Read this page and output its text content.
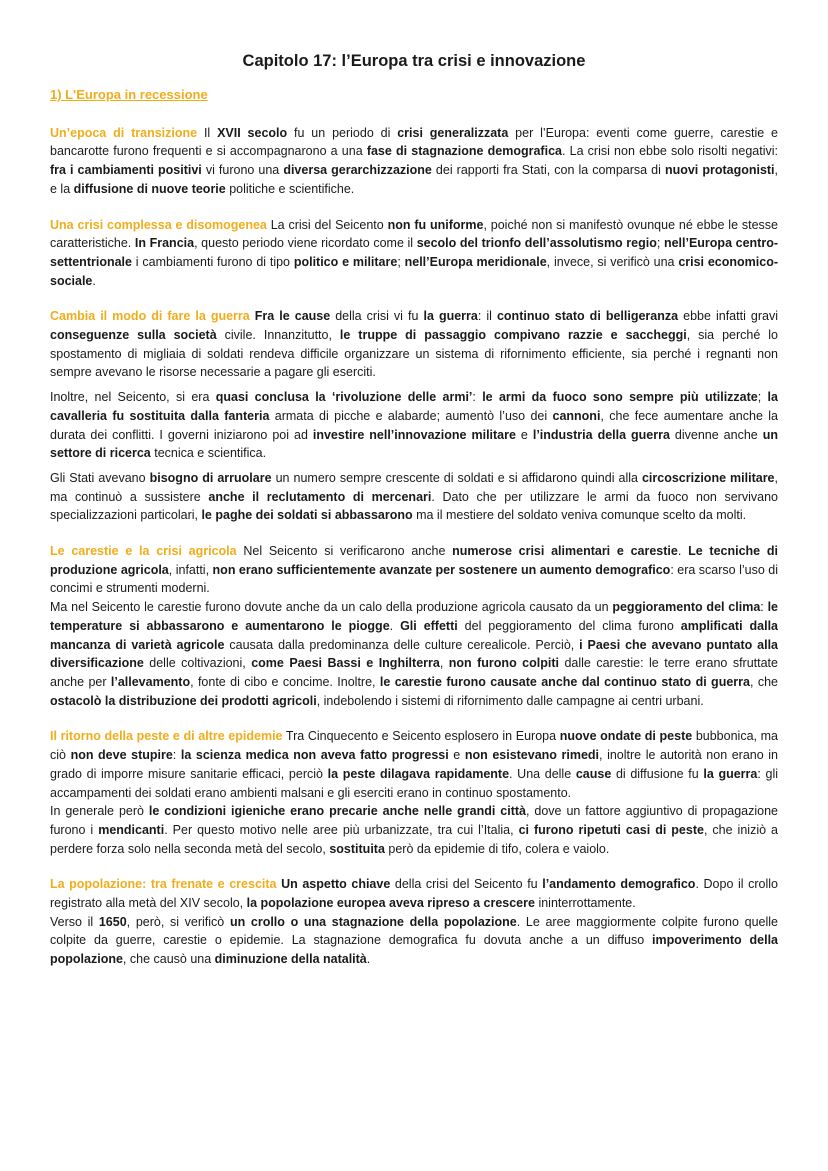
Capitolo 17: l’Europa tra crisi e innovazione
1) L'Europa in recessione

Un’epoca di transizione Il XVII secolo fu un periodo di crisi generalizzata per l’Europa: eventi come guerre, carestie e bancarotte furono frequenti e si accompagnarono a una fase di stagnazione demografica. La crisi non ebbe solo risolti negativi: fra i cambiamenti positivi vi furono una diversa gerarchizzazione dei rapporti fra Stati, con la comparsa di nuovi protagonisti, e la diffusione di nuove teorie politiche e scientifiche.

Una crisi complessa e disomogenea La crisi del Seicento non fu uniforme, poiché non si manifestò ovunque né ebbe le stesse caratteristiche. In Francia, questo periodo viene ricordato come il secolo del trionfo dell’assolutismo regio; nell’Europa centro-settentrionale i cambiamenti furono di tipo politico e militare; nell’Europa meridionale, invece, si verificò una crisi economico-sociale.

Cambia il modo di fare la guerra Fra le cause della crisi vi fu la guerra: il continuo stato di belligeranza ebbe infatti gravi conseguenze sulla società civile. Innanzitutto, le truppe di passaggio compivano razzie e saccheggi, sia perché lo spostamento di migliaia di soldati rendeva difficile organizzare un sistema di rifornimento efficiente, sia perché i regnanti non sempre avevano le risorse necessarie a pagare gli eserciti.

Inoltre, nel Seicento, si era quasi conclusa la ‘rivoluzione delle armi’: le armi da fuoco sono sempre più utilizzate; la cavalleria fu sostituita dalla fanteria armata di picche e alabarde; aumentò l’uso dei cannoni, che fece aumentare anche la durata dei conflitti. I governi iniziarono poi ad investire nell’innovazione militare e l’industria della guerra divenne anche un settore di ricerca tecnica e scientifica.

Gli Stati avevano bisogno di arruolare un numero sempre crescente di soldati e si affidarono quindi alla circoscrizione militare, ma continuò a sussistere anche il reclutamento di mercenari. Dato che per utilizzare le armi da fuoco non servivano specializzazioni particolari, le paghe dei soldati si abbassarono ma il mestiere del soldato veniva comunque scelto da molti.

Le carestie e la crisi agricola Nel Seicento si verificarono anche numerose crisi alimentari e carestie. Le tecniche di produzione agricola, infatti, non erano sufficientemente avanzate per sostenere un aumento demografico: era scarso l’uso di concimi e strumenti moderni.

Ma nel Seicento le carestie furono dovute anche da un calo della produzione agricola causato da un peggioramento del clima: le temperature si abbassarono e aumentarono le piogge. Gli effetti del peggioramento del clima furono amplificati dalla mancanza di varietà agricole causata dalla predominanza delle culture cerealicole. Perciò, i Paesi che avevano puntato alla diversificazione delle coltivazioni, come Paesi Bassi e Inghilterra, non furono colpiti dalle carestie: le terre erano sfruttate anche per l’allevamento, fonte di cibo e concime. Inoltre, le carestie furono causate anche dal continuo stato di guerra, che ostacolò la distribuzione dei prodotti agricoli, indebolendo i sistemi di rifornimento dalle campagne ai centri urbani.

Il ritorno della peste e di altre epidemie Tra Cinquecento e Seicento esplosero in Europa nuove ondate di peste bubbonica, ma ciò non deve stupire: la scienza medica non aveva fatto progressi e non esistevano rimedi, inoltre le autorità non erano in grado di imporre misure sanitarie efficaci, perciò la peste dilagava rapidamente. Una delle cause di diffusione fu la guerra: gli accampamenti dei soldati erano ambienti malsani e gli eserciti erano in continuo spostamento.

In generale però le condizioni igieniche erano precarie anche nelle grandi città, dove un fattore aggiuntivo di propagazione furono i mendicanti. Per questo motivo nelle aree più urbanizzate, tra cui l’Italia, ci furono ripetuti casi di peste, che iniziò a perdere forza solo nella seconda metà del secolo, sostituita però da epidemie di tifo, colera e vaiolo.

La popolazione: tra frenate e crescita Un aspetto chiave della crisi del Seicento fu l’andamento demografico. Dopo il crollo registrato alla metà del XIV secolo, la popolazione europea aveva ripreso a crescere ininterrottamente.

Verso il 1650, però, si verificò un crollo o una stagnazione della popolazione. Le aree maggiormente colpite furono quelle colpite da guerre, carestie o epidemie. La stagnazione demografica fu dovuta anche a un diffuso impoverimento della popolazione, che causò una diminuzione della natalità.
